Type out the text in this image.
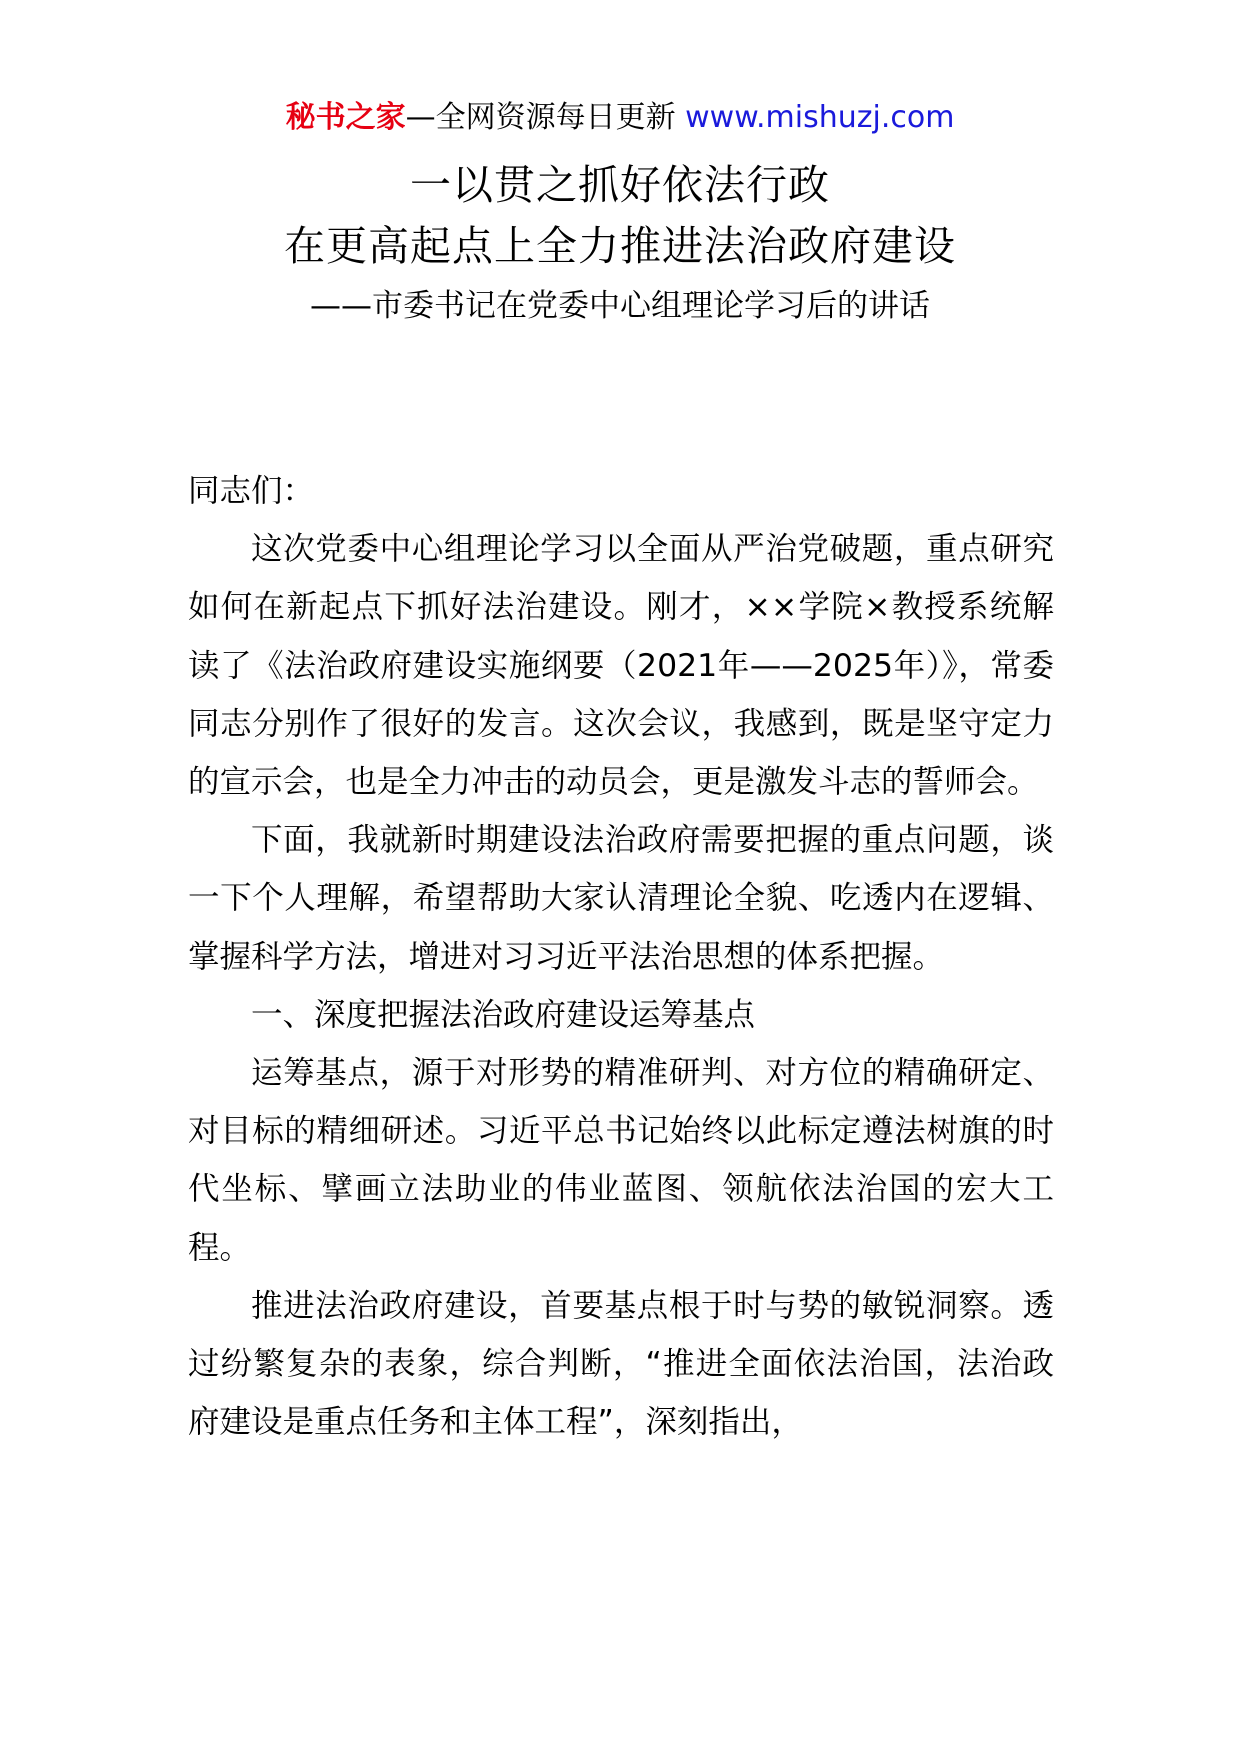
秘书之家—全网资源每日更新 www.mishuzj.com
一以贯之抓好依法行政
在更高起点上全力推进法治政府建设
——市委书记在党委中心组理论学习后的讲话

同志们：

这次党委中心组理论学习以全面从严治党破题，重点研究如何在新起点下抓好法治建设。刚才，××学院×教授系统解读了《法治政府建设实施纲要（2021年——2025年）》，常委同志分别作了很好的发言。这次会议，我感到，既是坚守定力的宣示会，也是全力冲击的动员会，更是激发斗志的誓师会。

下面，我就新时期建设法治政府需要把握的重点问题，谈一下个人理解，希望帮助大家认清理论全貌、吃透内在逻辑、掌握科学方法，增进对习习近平法治思想的体系把握。

一、深度把握法治政府建设运筹基点

运筹基点，源于对形势的精准研判、对方位的精确研定、对目标的精细研述。习近平总书记始终以此标定遵法树旗的时代坐标、擘画立法助业的伟业蓝图、领航依法治国的宏大工程。

推进法治政府建设，首要基点根于时与势的敏锐洞察。透过纷繁复杂的表象，综合判断，“推进全面依法治国，法治政府建设是重点任务和主体工程”，深刻指出，
